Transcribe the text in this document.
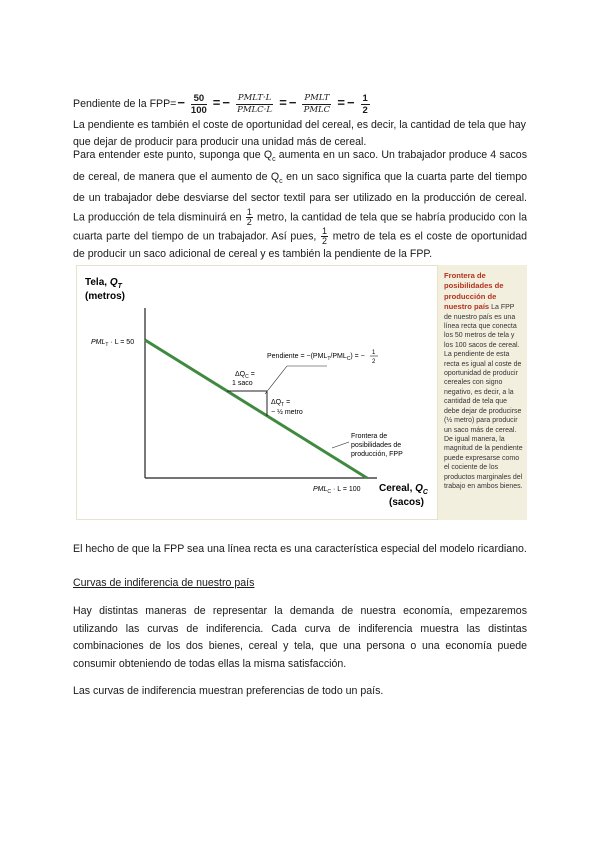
Pendiente de la $FPP=- \frac{50}{100}$ = − PMLT·L
PMLC·L = − PMLT
PMLC = − $\frac{1}{2}$

La pendiente es también el coste de oportunidad del cereal, es decir, la cantidad de tela que hay que dejar de producir para producir una unidad más de cereal.

Para entender este punto, suponga que $Q_c$ aumenta en un saco. Un trabajador produce 4 sacos de cereal, de manera que el aumento de $Q_c$ en un saco significa que la cuarta parte del tiempo de un trabajador debe desviarse del sector textil para ser utilizado en la producción de cereal. La producción de tela disminuirá en $\frac{1}{2}$ metro, la cantidad de tela que se habría producido con la cuarta parte del tiempo de un trabajador. Así pues, $\frac{1}{2}$ metro de tela es el coste de oportunidad de producir un saco adicional de cereal y es también la pendiente de la FPP.

Tela, $Q_T$
(metros)
$PML_T \cdot L = 50$
Pendiente = $-(PML_T/PML_C)$ = − 1
2
$\Delta Q_C$ =
1 saco
$\Delta Q_T$ =
− ½ metro
Frontera de
posibilidades de
producción, FPP
$PML_C \cdot L = 100$ Cereal, $Q_C$
(sacos)
Frontera de posibilidades de producción de nuestro país La FPP de nuestro país es una línea recta que conecta los 50 metros de tela y los 100 sacos de cereal. La pendiente de esta recta es igual al coste de oportunidad de producir cereales con signo negativo, es decir, a la cantidad de tela que debe dejar de producirse (½ metro) para producir un saco más de cereal. De igual manera, la magnitud de la pendiente puede expresarse como el cociente de los productos marginales del trabajo en ambos bienes.

El hecho de que la FPP sea una línea recta es una característica especial del modelo ricardiano.

Curvas de indiferencia de nuestro país

Hay distintas maneras de representar la demanda de nuestra economía, empezaremos utilizando las curvas de indiferencia. Cada curva de indiferencia muestra las distintas combinaciones de los dos bienes, cereal y tela, que una persona o una economía puede consumir obteniendo de todas ellas la misma satisfacción.

Las curvas de indiferencia muestran preferencias de todo un país.
